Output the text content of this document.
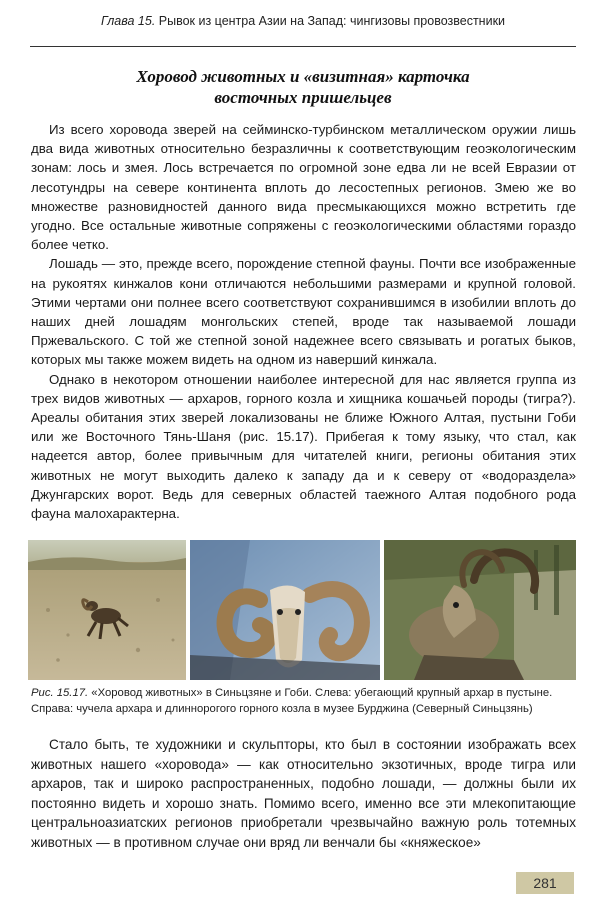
Глава 15. Рывок из центра Азии на Запад: чингизовы провозвестники
Хоровод животных и «визитная» карточка
восточных пришельцев

Из всего хоровода зверей на сейминско-турбинском металлическом оружии лишь два вида животных относительно безразличны к соответствующим геоэкологическим зонам: лось и змея. Лось встречается по огромной зоне едва ли не всей Евразии от лесотундры на севере континента вплоть до лесостепных регионов. Змею же во множестве разновидностей данного вида пресмыкающихся можно встретить где угодно. Все остальные животные сопряжены с геоэкологическими областями гораздо более четко.

Лошадь — это, прежде всего, порождение степной фауны. Почти все изображенные на рукоятях кинжалов кони отличаются небольшими размерами и крупной головой. Этими чертами они полнее всего соответствуют сохранившимся в изобилии вплоть до наших дней лошадям монгольских степей, вроде так называемой лошади Пржевальского. С той же степной зоной надежнее всего связывать и рогатых быков, которых мы также можем видеть на одном из наверший кинжала.

Однако в некотором отношении наиболее интересной для нас является группа из трех видов животных — архаров, горного козла и хищника кошачьей породы (тигра?). Ареалы обитания этих зверей локализованы не ближе Южного Алтая, пустыни Гоби или же Восточного Тянь-Шаня (рис. 15.17). Прибегая к тому языку, что стал, как надеется автор, более привычным для читателей книги, регионы обитания этих животных не могут выходить далеко к западу да и к северу от «водораздела» Джунгарских ворот. Ведь для северных областей таежного Алтая подобного рода фауна малохарактерна.

Рис. 15.17. «Хоровод животных» в Синьцзяне и Гоби. Слева: убегающий крупный архар в пустыне. Справа: чучела архара и длиннорогого горного козла в музее Бурджина (Северный Синьцзянь)

Стало быть, те художники и скульпторы, кто был в состоянии изображать всех животных нашего «хоровода» — как относительно экзотичных, вроде тигра или архаров, так и широко распространенных, подобно лошади, — должны были их постоянно видеть и хорошо знать. Помимо всего, именно все эти млекопитающие центральноазиатских регионов приобретали чрезвычайно важную роль тотемных животных — в противном случае они вряд ли венчали бы «княжеское»

281
